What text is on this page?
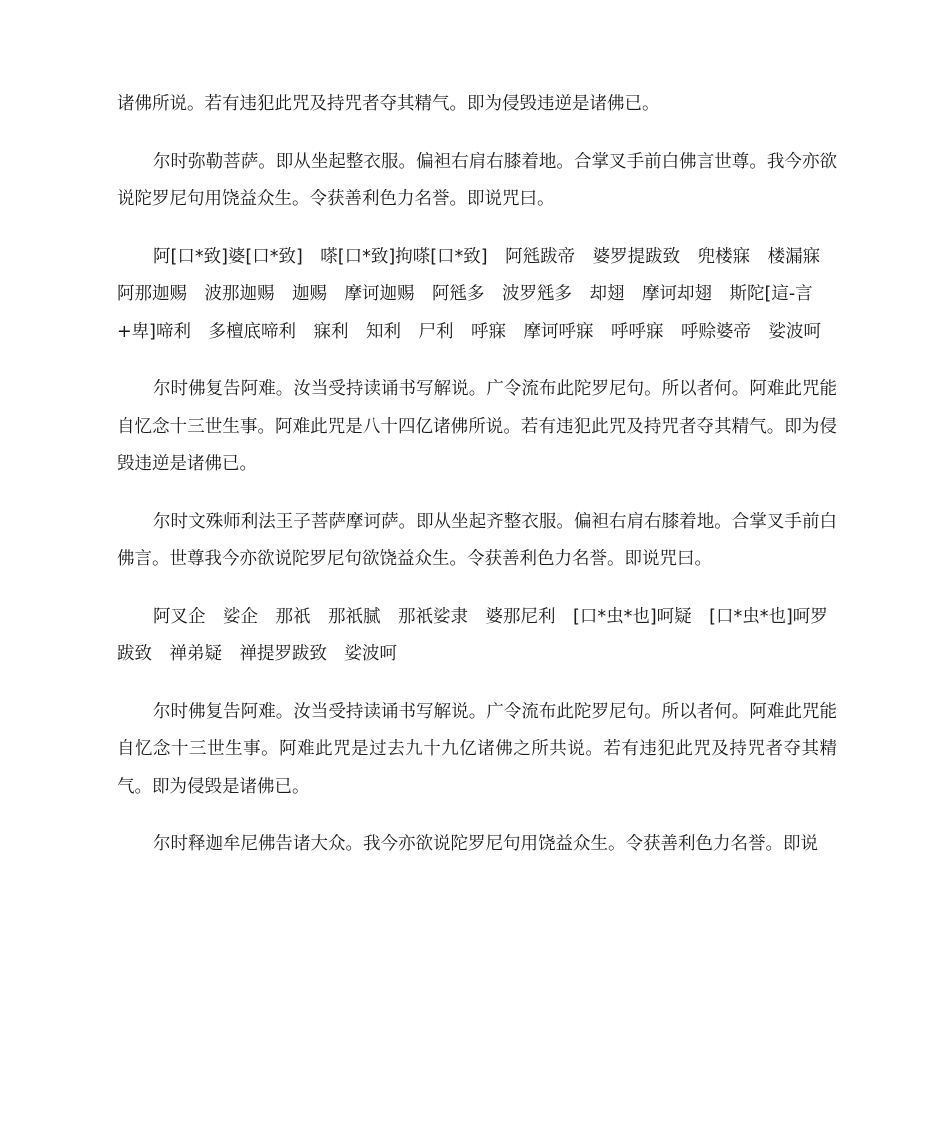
诸佛所说。若有违犯此咒及持咒者夺其精气。即为侵毁违逆是诸佛已。

尔时弥勒菩萨。即从坐起整衣服。偏袒右肩右膝着地。合掌叉手前白佛言世尊。我今亦欲说陀罗尼句用饶益众生。令获善利色力名誉。即说咒曰。

阿[口*致]婆[口*致]　嗏[口*致]拘嗏[口*致]　阿毤跋帝　婆罗提跋致　兜楼寐　楼漏寐　阿那迦赐　波那迦赐　迦赐　摩诃迦赐　阿毤多　波罗毤多　却翅　摩诃却翅　斯陀[這-言+卑]啼利　多檀底啼利　寐利　知利　尸利　呼寐　摩诃呼寐　呼呼寐　呼赊婆帝　娑波呵

尔时佛复告阿难。汝当受持读诵书写解说。广令流布此陀罗尼句。所以者何。阿难此咒能自忆念十三世生事。阿难此咒是八十四亿诸佛所说。若有违犯此咒及持咒者夺其精气。即为侵毁违逆是诸佛已。

尔时文殊师利法王子菩萨摩诃萨。即从坐起齐整衣服。偏袒右肩右膝着地。合掌叉手前白佛言。世尊我今亦欲说陀罗尼句欲饶益众生。令获善利色力名誉。即说咒曰。

阿叉企　娑企　那祇　那祇腻　那祇娑隶　婆那尼利　[口*虫*也]呵疑　[口*虫*也]呵罗跋致　禅弟疑　禅提罗跋致　娑波呵

尔时佛复告阿难。汝当受持读诵书写解说。广令流布此陀罗尼句。所以者何。阿难此咒能自忆念十三世生事。阿难此咒是过去九十九亿诸佛之所共说。若有违犯此咒及持咒者夺其精气。即为侵毁是诸佛已。

尔时释迦牟尼佛告诸大众。我今亦欲说陀罗尼句用饶益众生。令获善利色力名誉。即说
